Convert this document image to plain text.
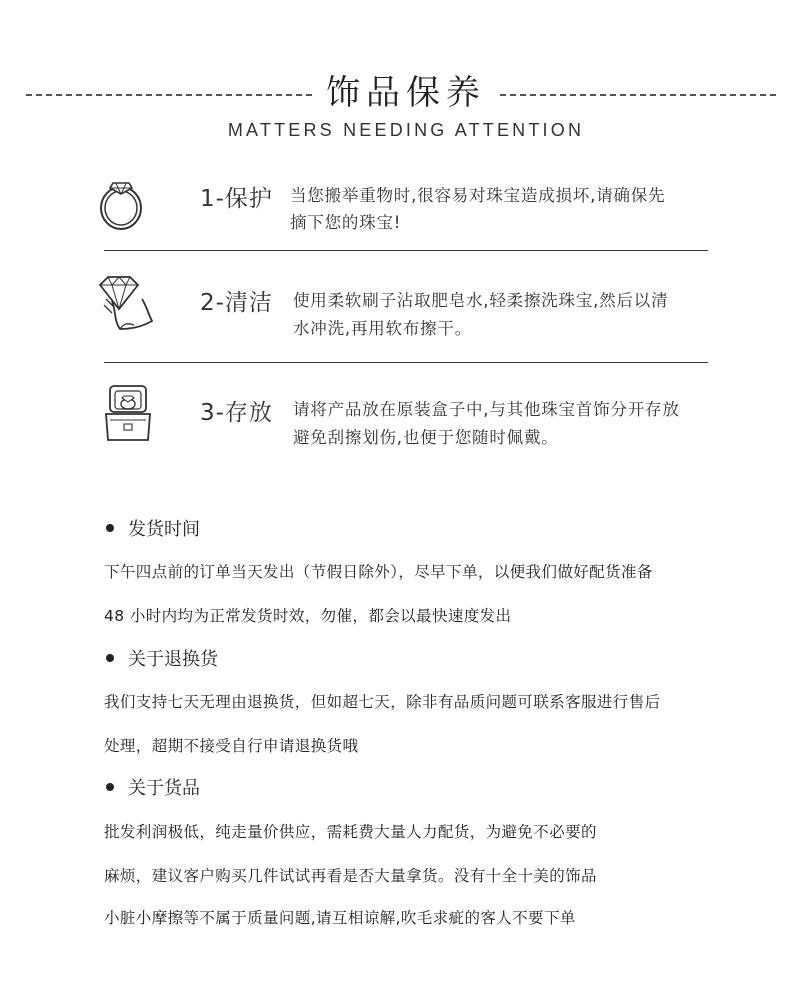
饰品保养
MATTERS NEEDING ATTENTION
1-保护 当您搬举重物时,很容易对珠宝造成损坏,请确保先
摘下您的珠宝!
2-清洁 使用柔软刷子沾取肥皂水,轻柔擦洗珠宝,然后以清
水冲洗,再用软布擦干。
3-存放 请将产品放在原装盒子中,与其他珠宝首饰分开存放
避免刮擦划伤,也便于您随时佩戴。
发货时间
下午四点前的订单当天发出（节假日除外），尽早下单，以便我们做好配货准备
48 小时内均为正常发货时效，勿催，都会以最快速度发出
关于退换货
我们支持七天无理由退换货，但如超七天，除非有品质问题可联系客服进行售后
处理，超期不接受自行申请退换货哦
关于货品
批发利润极低，纯走量价供应，需耗费大量人力配货，为避免不必要的
麻烦，建议客户购买几件试试再看是否大量拿货。没有十全十美的饰品
小脏小摩擦等不属于质量问题,请互相谅解,吹毛求疵的客人不要下单
